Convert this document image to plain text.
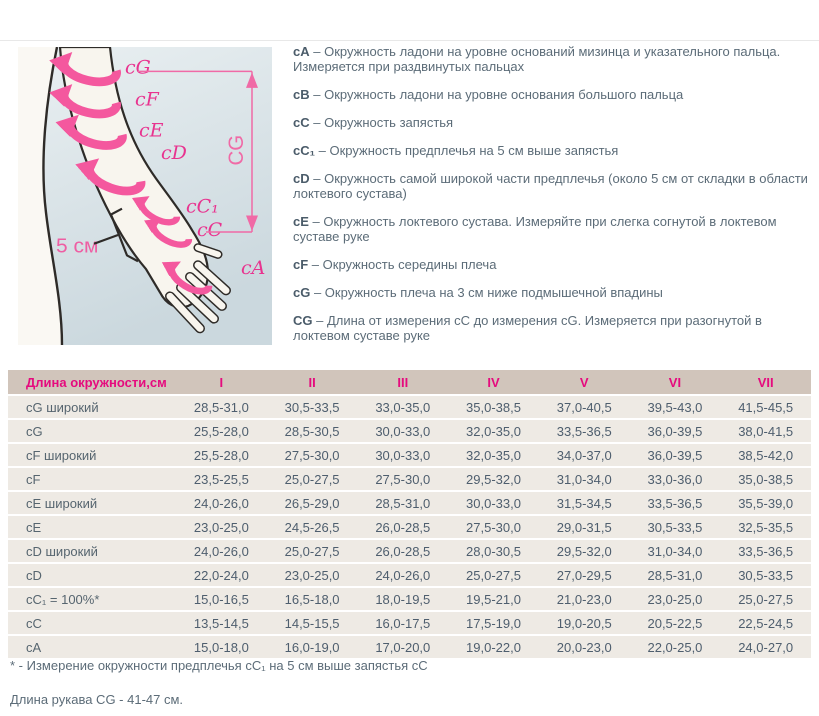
cG
cF
cE
cD
cC₁
cC
cA
CG
5 см
cA – Окружность ладони на уровне оснований мизинца и указательного пальца. Измеряется при раздвинутых пальцах
cB – Окружность ладони на уровне основания большого пальца
cC – Окружность запястья
cC₁ – Окружность предплечья на 5 см выше запястья
cD – Окружность самой широкой части предплечья (около 5 см от складки в области локтевого сустава)
cE – Окружность локтевого сустава. Измеряйте при слегка согнутой в локтевом суставе руке
cF – Окружность середины плеча
cG – Окружность плеча на 3 см ниже подмышечной впадины
CG – Длина от измерения cC до измерения cG. Измеряется при разогнутой в локтевом суставе руке
Длина окружности,см	I	II	III	IV	V	VI	VII
cG широкий	28,5-31,0	30,5-33,5	33,0-35,0	35,0-38,5	37,0-40,5	39,5-43,0	41,5-45,5
cG	25,5-28,0	28,5-30,5	30,0-33,0	32,0-35,0	33,5-36,5	36,0-39,5	38,0-41,5
cF широкий	25,5-28,0	27,5-30,0	30,0-33,0	32,0-35,0	34,0-37,0	36,0-39,5	38,5-42,0
cF	23,5-25,5	25,0-27,5	27,5-30,0	29,5-32,0	31,0-34,0	33,0-36,0	35,0-38,5
cE широкий	24,0-26,0	26,5-29,0	28,5-31,0	30,0-33,0	31,5-34,5	33,5-36,5	35,5-39,0
cE	23,0-25,0	24,5-26,5	26,0-28,5	27,5-30,0	29,0-31,5	30,5-33,5	32,5-35,5
cD широкий	24,0-26,0	25,0-27,5	26,0-28,5	28,0-30,5	29,5-32,0	31,0-34,0	33,5-36,5
cD	22,0-24,0	23,0-25,0	24,0-26,0	25,0-27,5	27,0-29,5	28,5-31,0	30,5-33,5
cC₁ = 100%*	15,0-16,5	16,5-18,0	18,0-19,5	19,5-21,0	21,0-23,0	23,0-25,0	25,0-27,5
cC	13,5-14,5	14,5-15,5	16,0-17,5	17,5-19,0	19,0-20,5	20,5-22,5	22,5-24,5
cA	15,0-18,0	16,0-19,0	17,0-20,0	19,0-22,0	20,0-23,0	22,0-25,0	24,0-27,0
* - Измерение окружности предплечья cC₁ на 5 см выше запястья cC
Длина рукава CG - 41-47 см.
